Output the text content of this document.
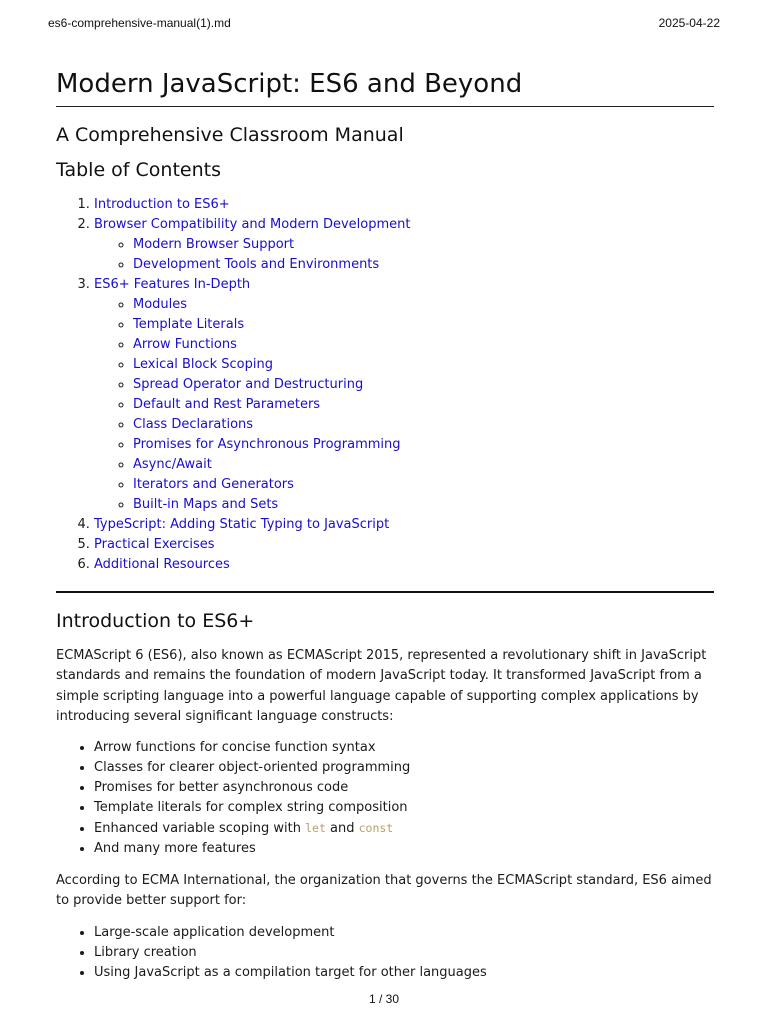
es6-comprehensive-manual(1).md	2025-04-22
Modern JavaScript: ES6 and Beyond
A Comprehensive Classroom Manual
Table of Contents
1. Introduction to ES6+
2. Browser Compatibility and Modern Development
◦ Modern Browser Support
◦ Development Tools and Environments
3. ES6+ Features In-Depth
◦ Modules
◦ Template Literals
◦ Arrow Functions
◦ Lexical Block Scoping
◦ Spread Operator and Destructuring
◦ Default and Rest Parameters
◦ Class Declarations
◦ Promises for Asynchronous Programming
◦ Async/Await
◦ Iterators and Generators
◦ Built-in Maps and Sets
4. TypeScript: Adding Static Typing to JavaScript
5. Practical Exercises
6. Additional Resources
Introduction to ES6+

ECMAScript 6 (ES6), also known as ECMAScript 2015, represented a revolutionary shift in JavaScript standards and remains the foundation of modern JavaScript today. It transformed JavaScript from a simple scripting language into a powerful language capable of supporting complex applications by introducing several significant language constructs:

• Arrow functions for concise function syntax
• Classes for clearer object-oriented programming
• Promises for better asynchronous code
• Template literals for complex string composition
• Enhanced variable scoping with let and const
• And many more features

According to ECMA International, the organization that governs the ECMAScript standard, ES6 aimed to provide better support for:

• Large-scale application development
• Library creation
• Using JavaScript as a compilation target for other languages
1 / 30
